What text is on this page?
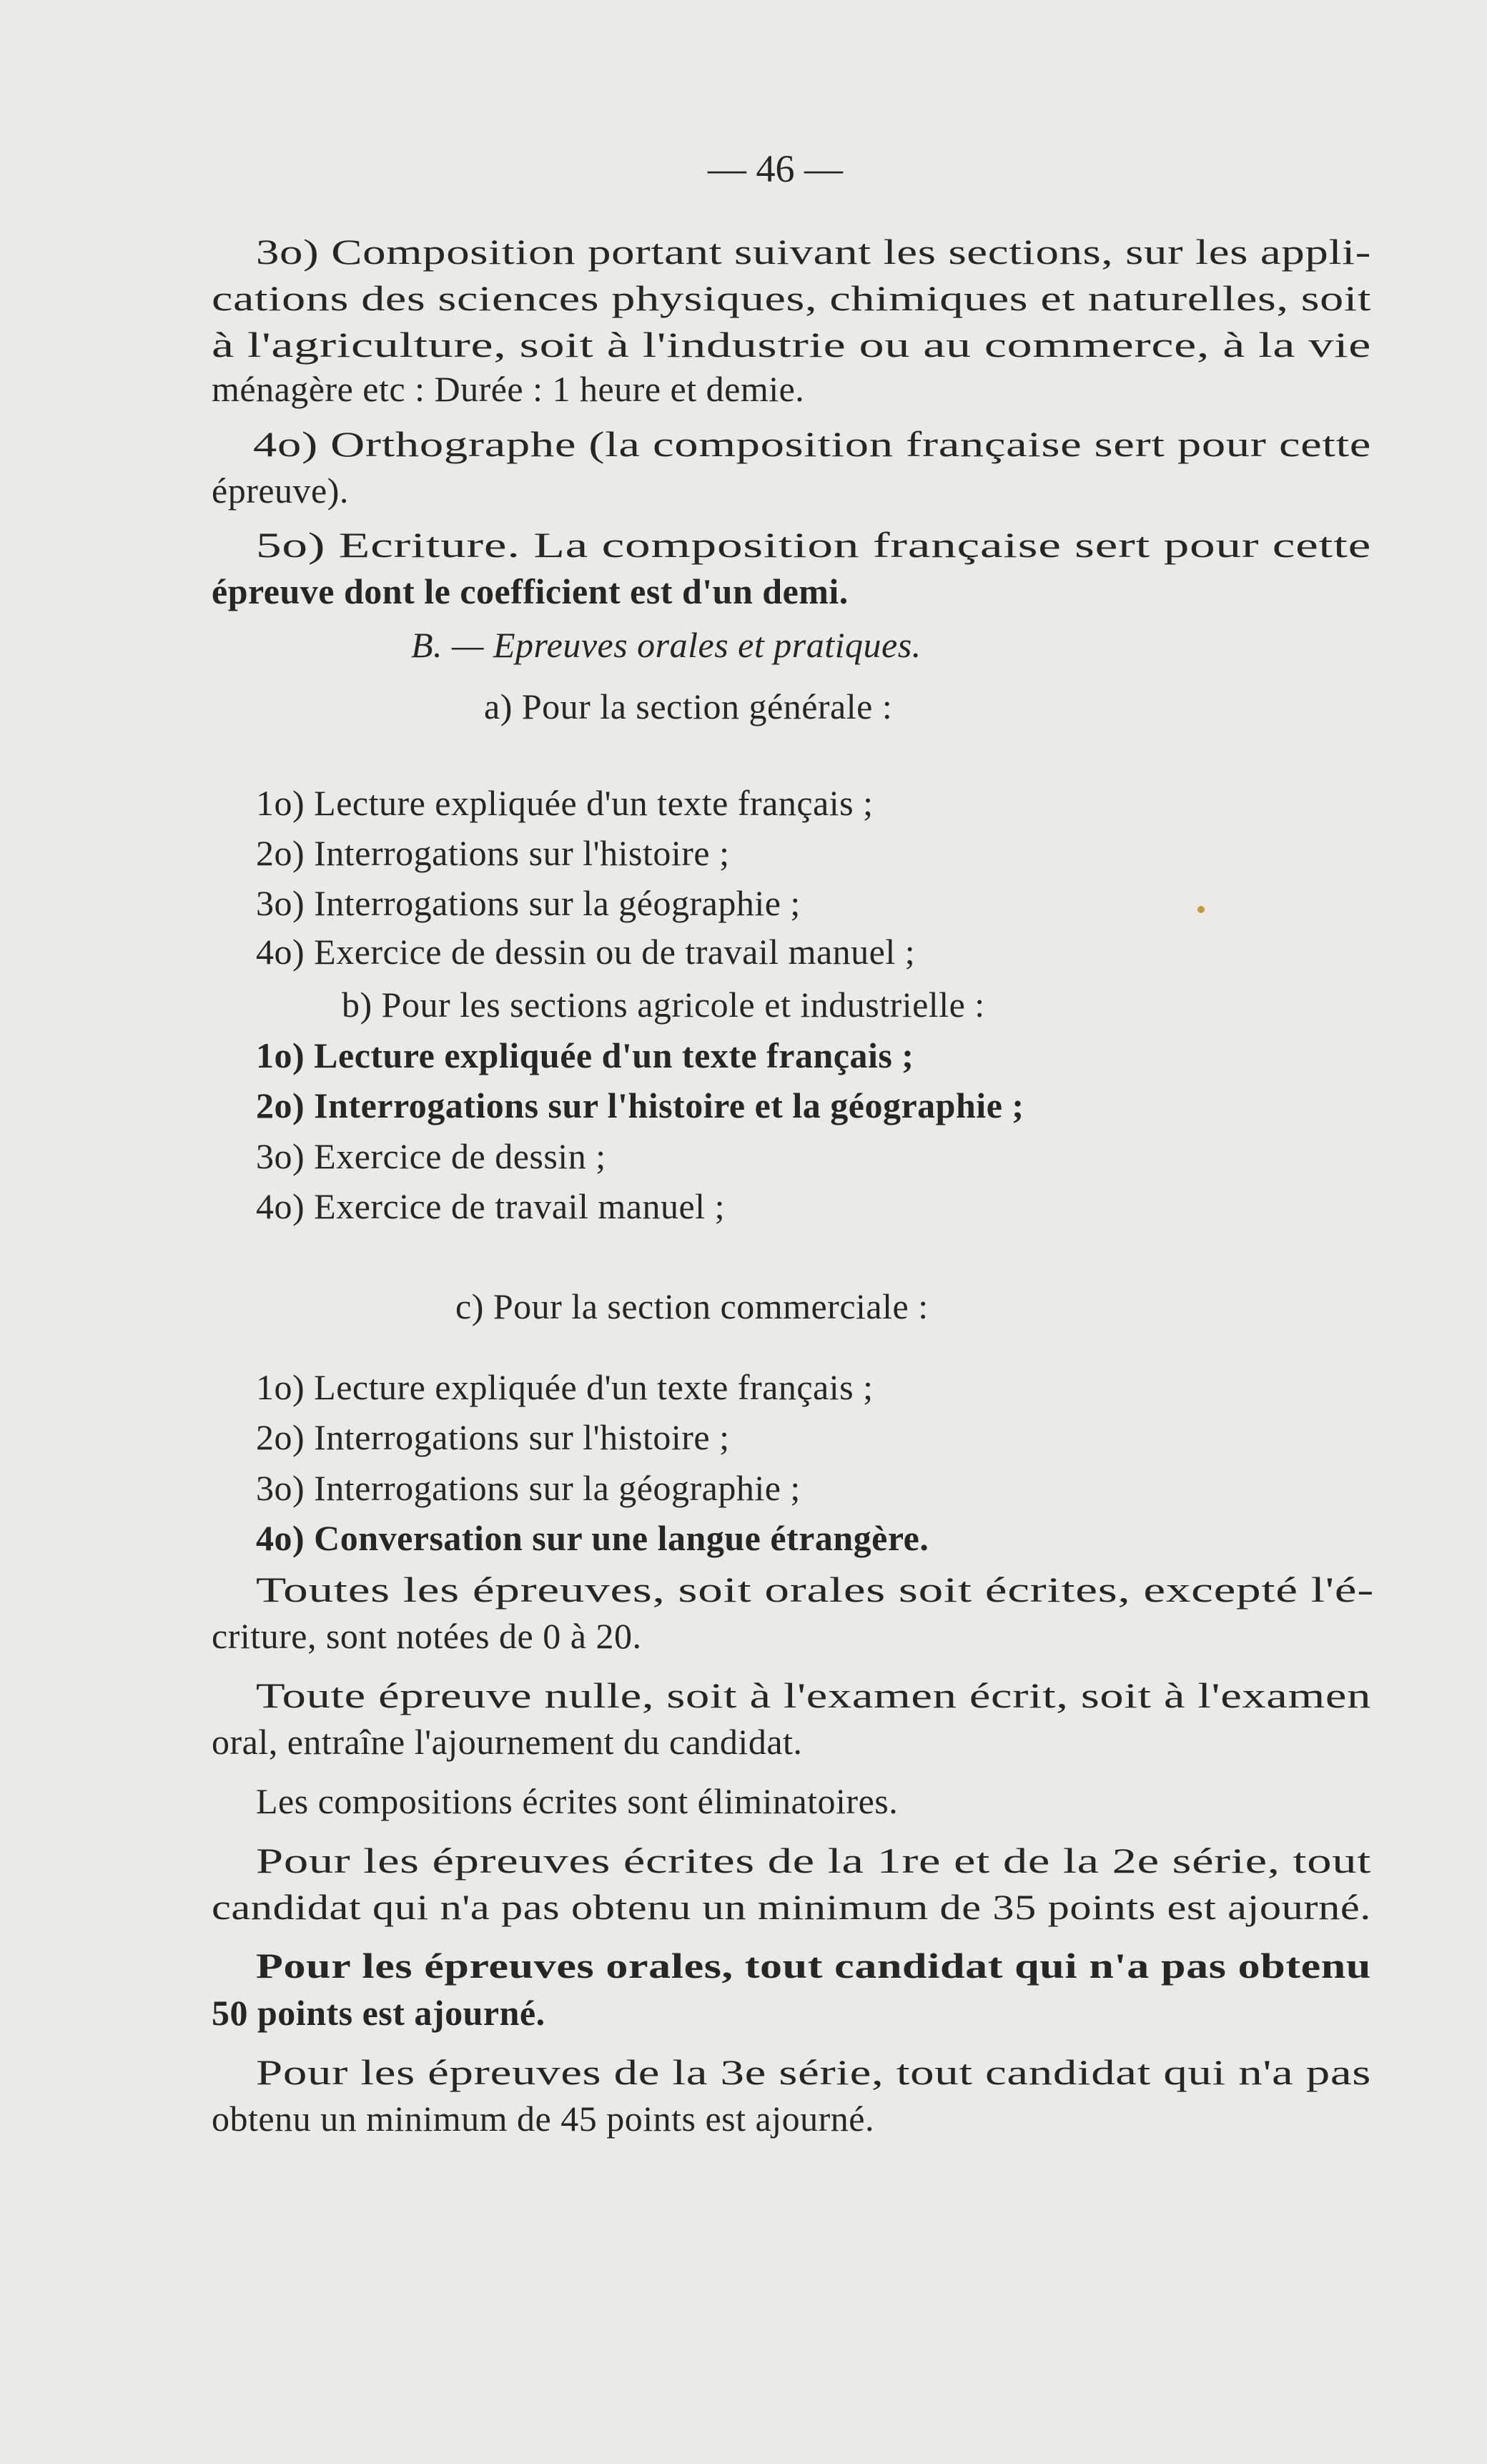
— 46 —
3o) Composition portant suivant les sections, sur les appli-
cations des sciences physiques, chimiques et naturelles, soit
à l'agriculture, soit à l'industrie ou au commerce, à la vie
ménagère etc : Durée : 1 heure et demie.
4o) Orthographe (la composition française sert pour cette
épreuve).
5o) Ecriture. La composition française sert pour cette
épreuve dont le coefficient est d'un demi.
B. — Epreuves orales et pratiques.
a) Pour la section générale :
1o) Lecture expliquée d'un texte français ;
2o) Interrogations sur l'histoire ;
3o) Interrogations sur la géographie ;
4o) Exercice de dessin ou de travail manuel ;
b) Pour les sections agricole et industrielle :
1o) Lecture expliquée d'un texte français ;
2o) Interrogations sur l'histoire et la géographie ;
3o) Exercice de dessin ;
4o) Exercice de travail manuel ;
c) Pour la section commerciale :
1o) Lecture expliquée d'un texte français ;
2o) Interrogations sur l'histoire ;
3o) Interrogations sur la géographie ;
4o) Conversation sur une langue étrangère.
Toutes les épreuves, soit orales soit écrites, excepté l'é-
criture, sont notées de 0 à 20.
Toute épreuve nulle, soit à l'examen écrit, soit à l'examen
oral, entraîne l'ajournement du candidat.
Les compositions écrites sont éliminatoires.
Pour les épreuves écrites de la 1re et de la 2e série, tout
candidat qui n'a pas obtenu un minimum de 35 points est ajourné.
Pour les épreuves orales, tout candidat qui n'a pas obtenu
50 points est ajourné.
Pour les épreuves de la 3e série, tout candidat qui n'a pas
obtenu un minimum de 45 points est ajourné.
